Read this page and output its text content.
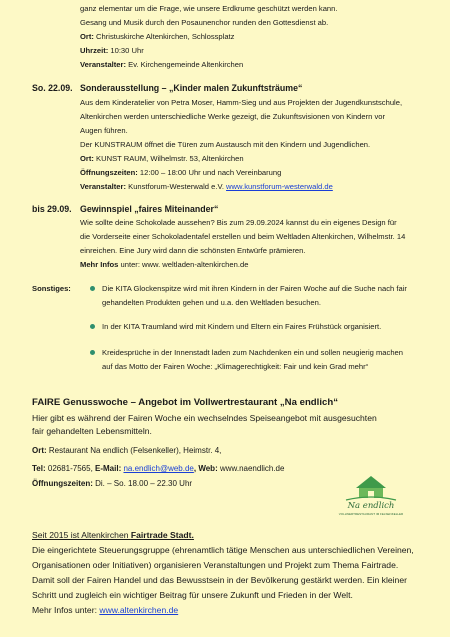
ganz elementar um die Frage, wie unsere Erdkrume geschützt werden kann.
Gesang und Musik durch den Posaunenchor runden den Gottesdienst ab.
Ort: Christuskirche Altenkirchen, Schlossplatz
Uhrzeit: 10:30 Uhr
Veranstalter: Ev. Kirchengemeinde Altenkirchen
So. 22.09. Sonderausstellung – „Kinder malen Zukunftsträume“
Aus dem Kinderatelier von Petra Moser, Hamm-Sieg und aus Projekten der Jugendkunstschule,
Altenkirchen werden unterschiedliche Werke gezeigt, die Zukunftsvisionen von Kindern vor
Augen führen.
Der KUNSTRAUM öffnet die Türen zum Austausch mit den Kindern und Jugendlichen.
Ort: KUNST RAUM, Wilhelmstr. 53, Altenkirchen
Öffnungszeiten: 12:00 – 18:00 Uhr und nach Vereinbarung
Veranstalter: Kunstforum-Westerwald e.V. www.kunstforum-westerwald.de
bis 29.09. Gewinnspiel „faires Miteinander“
Wie sollte deine Schokolade aussehen? Bis zum 29.09.2024 kannst du ein eigenes Design für
die Vorderseite einer Schokoladentafel erstellen und beim Weltladen Altenkirchen, Wilhelmstr. 14
einreichen. Eine Jury wird dann die schönsten Entwürfe prämieren.
Mehr Infos unter: www. weltladen-altenkirchen.de
Sonstiges:	Die KITA Glockenspitze wird mit ihren Kindern in der Fairen Woche auf die Suche nach fair
gehandelten Produkten gehen und u.a. den Weltladen besuchen.
In der KITA Traumland wird mit Kindern und Eltern ein Faires Frühstück organisiert.
Kreidesprüche in der Innenstadt laden zum Nachdenken ein und sollen neugierig machen
auf das Motto der Fairen Woche: „Klimagerechtigkeit: Fair und kein Grad mehr“
FAIRE Genusswoche – Angebot im Vollwertrestaurant „Na endlich“
Hier gibt es während der Fairen Woche ein wechselndes Speiseangebot mit ausgesuchten
fair gehandelten Lebensmitteln.
Ort: Restaurant Na endlich (Felsenkeller), Heimstr. 4,
Tel: 02681-7565, E-Mail: na.endlich@web.de, Web: www.naendlich.de
Öffnungszeiten: Di. – So. 18.00 – 22.30 Uhr
Na endlich
VOLLWERTRESTAURANT IM FELSENKELLER
Seit 2015 ist Altenkirchen Fairtrade Stadt.
Die eingerichtete Steuerungsgruppe (ehrenamtlich tätige Menschen aus unterschiedlichen Vereinen,
Organisationen oder Initiativen) organisieren Veranstaltungen und Projekt zum Thema Fairtrade.
Damit soll der Fairen Handel und das Bewusstsein in der Bevölkerung gestärkt werden. Ein kleiner
Schritt und zugleich ein wichtiger Beitrag für unsere Zukunft und Frieden in der Welt.
Mehr Infos unter: www.altenkirchen.de
